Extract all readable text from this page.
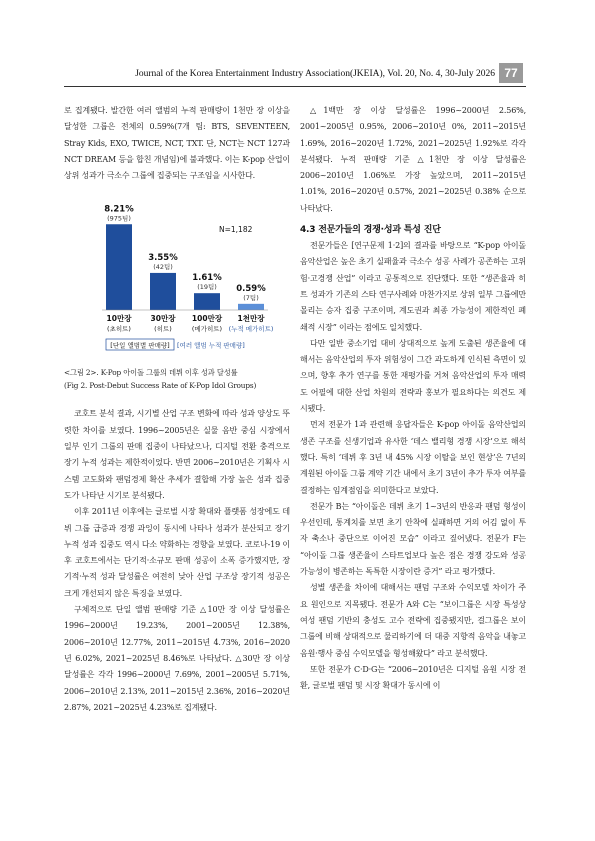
Journal of the Korea Entertainment Industry Association(JKEIA), Vol. 20, No. 4, 30-July 2026 77

로 집계됐다. 발간한 여러 앨범의 누적 판매량이 1천만 장 이상을 달성한 그룹은 전체의 0.59%(7개 팀: BTS, SEVENTEEN, Stray Kids, EXO, TWICE, NCT, TXT. 단, NCT는 NCT 127과 NCT DREAM 등을 합친 개념임)에 불과했다. 이는 K-pop 산업이 상위 성과가 극소수 그룹에 집중되는 구조임을 시사한다.

8.21%
(975팀)
10만장
(초히트)
3.55%
(42팀)
30만장
(히트)
1.61%
(19팀)
100만장
(메가히트)
0.59%
(7팀)
1천만장
(누적 메가히트)
N=1,182
[단일 앨범별 판매량] [여러 앨범 누적 판매량]

<그림 2>. K-Pop 아이돌 그룹의 데뷔 이후 성과 달성률

(Fig 2. Post-Debut Success Rate of K-Pop Idol Groups)

코호트 분석 결과, 시기별 산업 구조 변화에 따라 성과 양상도 뚜렷한 차이를 보였다. 1996~2005년은 실물 음반 중심 시장에서 일부 인기 그룹의 판매 집중이 나타났으나, 디지털 전환 충격으로 장기 누적 성과는 제한적이었다. 반면 2006~2010년은 기획사 시스템 고도화와 팬덤경제 확산 추세가 결합해 가장 높은 성과 집중도가 나타난 시기로 분석됐다.

이후 2011년 이후에는 글로벌 시장 확대와 플랫폼 성장에도 데뷔 그룹 급증과 경쟁 과잉이 동시에 나타나 성과가 분산되고 장기 누적 성과 집중도 역시 다소 약화하는 경향을 보였다. 코로나-19 이후 코호트에서는 단기적·소규모 판매 성공이 소폭 증가했지만, 장기적·누적 성과 달성률은 여전히 낮아 산업 구조상 장기적 성공은 크게 개선되지 않은 특징을 보였다.

구체적으로 단일 앨범 판매량 기준 △10만 장 이상 달성률은 1996~2000년 19.23%, 2001~2005년 12.38%, 2006~2010년 12.77%, 2011~2015년 4.73%, 2016~2020년 6.02%, 2021~2025년 8.46%로 나타났다. △30만 장 이상 달성률은 각각 1996~2000년 7.69%, 2001~2005년 5.71%, 2006~2010년 2.13%, 2011~2015년 2.36%, 2016~2020년 2.87%, 2021~2025년 4.23%로 집계됐다.

△1백만 장 이상 달성률은 1996~2000년 2.56%, 2001~2005년 0.95%, 2006~2010년 0%, 2011~2015년 1.69%, 2016~2020년 1.72%, 2021~2025년 1.92%로 각각 분석됐다. 누적 판매량 기준 △1천만 장 이상 달성률은 2006~2010년 1.06%로 가장 높았으며, 2011~2015년 1.01%, 2016~2020년 0.57%, 2021~2025년 0.38% 순으로 나타났다.

4.3 전문가들의 경쟁·성과 특성 진단

전문가들은 [연구문제 1·2]의 결과를 바탕으로 “K-pop 아이돌 음악산업은 높은 초기 실패율과 극소수 성공 사례가 공존하는 고위험·고경쟁 산업” 이라고 공통적으로 진단했다. 또한 “생존율과 히트 성과가 기존의 스타 연구사례와 마찬가지로 상위 일부 그룹에만 몰리는 승자 집중 구조이며, 계도권과 최종 가능성이 제한적인 폐쇄적 시장” 이라는 점에도 일치했다.

다만 일반 중소기업 대비 상대적으로 높게 도출된 생존율에 대해서는 음악산업의 투자 위험성이 그간 과도하게 인식된 측면이 있으며, 향후 추가 연구를 통한 재평가를 거쳐 음악산업의 투자 매력도 어필에 대한 산업 차원의 전략과 홍보가 필요하다는 의견도 제시됐다.

먼저 전문가 1과 관련해 응답자들은 K-pop 아이돌 음악산업의 생존 구조를 신생기업과 유사한 ‘데스 밸리형 경쟁 시장’으로 해석했다. 특히 ‘데뷔 후 3년 내 45% 시장 이탈을 보인 현상’은 7년의 계원된 아이돌 그룹 계약 기간 내에서 초기 3년이 추가 투자 여부를 결정하는 임계점임을 의미한다고 보았다.

전문가 B는 “아이돌은 데뷔 초기 1~3년의 반응과 팬덤 형성이 우선인데, 통계치를 보면 초기 안착에 실패하면 거의 어김 없이 투자 축소나 중단으로 이어진 모습” 이라고 짚어냈다. 전문가 F는 “아이돌 그룹 생존율이 스타트업보다 높은 점은 경쟁 강도와 성공 가능성이 병존하는 독특한 시장이란 증거” 라고 평가했다.

성별 생존율 차이에 대해서는 팬덤 구조와 수익모델 차이가 주요 원인으로 지목됐다. 전문가 A와 C는 “보이그룹은 시장 특성상 여성 팬덤 기반의 충성도 고수 전략에 집중됐지만, 걸그룹은 보이그룹에 비해 상대적으로 물리하기에 더 대중 지향적 음악을 내놓고 음원·행사 중심 수익모델을 형성해왔다” 라고 분석했다.

또한 전문가 C·D·G는 “2006~2010년은 디지털 음원 시장 전환, 글로벌 팬덤 및 시장 확대가 동시에 이
